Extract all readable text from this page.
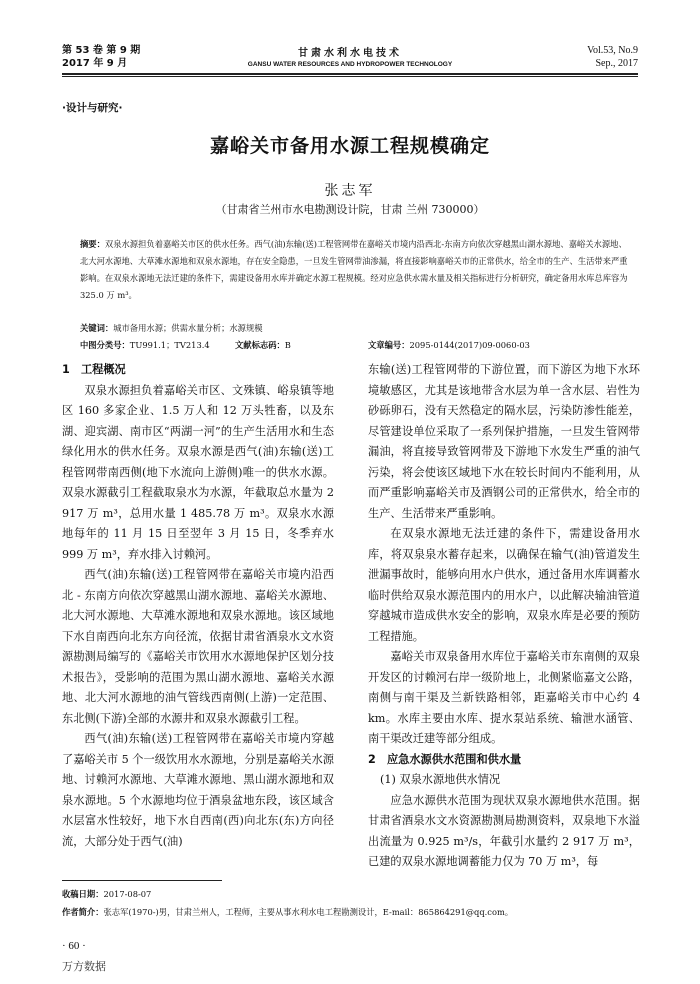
第 53 卷 第 9 期
2017 年 9 月
甘肃水利水电技术
GANSU WATER RESOURCES AND HYDROPOWER TECHNOLOGY
Vol.53, No.9
Sep., 2017
·设计与研究·
嘉峪关市备用水源工程规模确定
张志军
（甘肃省兰州市水电勘测设计院，甘肃 兰州 730000）
摘要：双泉水源担负着嘉峪关市区的供水任务。西气(油)东输(送)工程管网带在嘉峪关市境内沿西北-东南方向依次穿越黑山湖水源地、嘉峪关水源地、北大河水源地、大草滩水源地和双泉水源地，存在安全隐患，一旦发生管网带油渗漏，将直接影响嘉峪关市的正常供水，给全市的生产、生活带来严重影响。在双泉水源地无法迁建的条件下，需建设备用水库并确定水源工程规模。经对应急供水需水量及相关指标进行分析研究，确定备用水库总库容为 325.0 万 m³。
关键词：城市备用水源；供需水量分析；水源规模
中图分类号：TU991.1；TV213.4	文献标志码：B	文章编号：2095-0144(2017)09-0060-03
1　工程概况

双泉水源担负着嘉峪关市区、文殊镇、峪泉镇等地区 160 多家企业、1.5 万人和 12 万头牲畜，以及东湖、迎宾湖、南市区“两湖一河”的生产生活用水和生态绿化用水的供水任务。双泉水源是西气(油)东输(送)工程管网带南西侧(地下水流向上游侧)唯一的供水水源。双泉水源截引工程截取泉水为水源，年截取总水量为 2 917 万 m³，总用水量 1 485.78 万 m³。双泉水水源地每年的 11 月 15 日至翌年 3 月 15 日，冬季弃水 999 万 m³，弃水排入讨赖河。

西气(油)东输(送)工程管网带在嘉峪关市境内沿西北 - 东南方向依次穿越黑山湖水源地、嘉峪关水源地、北大河水源地、大草滩水源地和双泉水源地。该区域地下水自南西向北东方向径流，依据甘肃省酒泉水文水资源勘测局编写的《嘉峪关市饮用水水源地保护区划分技术报告》，受影响的范围为黑山湖水源地、嘉峪关水源地、北大河水源地的油气管线西南侧(上游)一定范围、东北侧(下游)全部的水源井和双泉水源截引工程。

西气(油)东输(送)工程管网带在嘉峪关市境内穿越了嘉峪关市 5 个一级饮用水水源地，分别是嘉峪关水源地、讨赖河水源地、大草滩水源地、黑山湖水源地和双泉水源地。5 个水源地均位于酒泉盆地东段，该区域含水层富水性较好，地下水自西南(西)向北东(东)方向径流，大部分处于西气(油)

东输(送)工程管网带的下游位置，而下游区为地下水环境敏感区，尤其是该地带含水层为单一含水层、岩性为砂砾卵石，没有天然稳定的隔水层，污染防渗性能差，尽管建设单位采取了一系列保护措施，一旦发生管网带漏油，将直接导致管网带及下游地下水发生严重的油气污染，将会使该区域地下水在较长时间内不能利用，从而严重影响嘉峪关市及酒钢公司的正常供水，给全市的生产、生活带来严重影响。

在双泉水源地无法迁建的条件下，需建设备用水库，将双泉泉水蓄存起来，以确保在输气(油)管道发生泄漏事故时，能够向用水户供水，通过备用水库调蓄水临时供给双泉水源范围内的用水户，以此解决输油管道穿越城市造成供水安全的影响，双泉水库是必要的预防工程措施。

嘉峪关市双泉备用水库位于嘉峪关市东南侧的双泉开发区的讨赖河右岸一级阶地上，北侧紧临嘉文公路，南侧与南干渠及兰新铁路相邻，距嘉峪关市中心约 4 km。水库主要由水库、提水泵站系统、输泄水涵管、南干渠改迁建等部分组成。

2　应急水源供水范围和供水量
(1) 双泉水源地供水情况

应急水源供水范围为现状双泉水源地供水范围。据甘肃省酒泉水文水资源勘测局勘测资料，双泉地下水溢出流量为 0.925 m³/s，年截引水量约 2 917 万 m³，已建的双泉水源地调蓄能力仅为 70 万 m³，每

收稿日期：2017-08-07
作者简介：张志军(1970-)男，甘肃兰州人，工程师，主要从事水利水电工程勘测设计，E-mail：865864291@qq.com。
· 60 ·
万方数据
